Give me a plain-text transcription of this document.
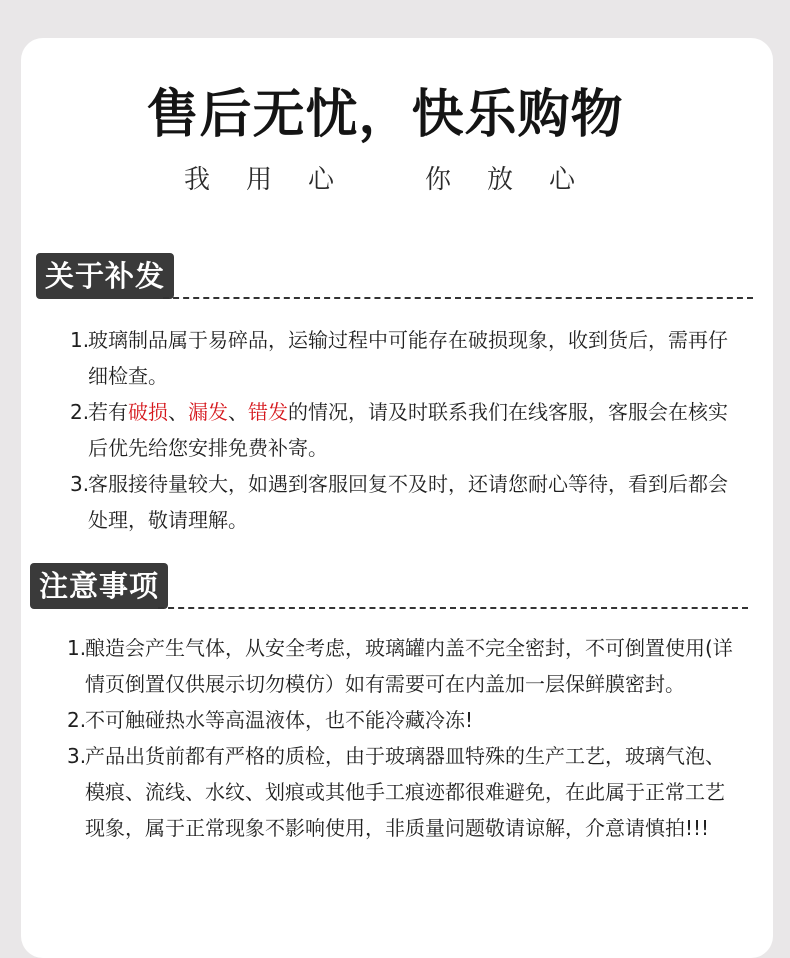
售后无忧，快乐购物

我用心 你放心

关于补发
1.
玻璃制品属于易碎品，运输过程中可能存在破损现象，收到货后，需再仔细检查。
2.
若有破损、漏发、错发的情况，请及时联系我们在线客服，客服会在核实后优先给您安排免费补寄。
3.
客服接待量较大，如遇到客服回复不及时，还请您耐心等待，看到后都会处理，敬请理解。
注意事项
1.
酿造会产生气体，从安全考虑，玻璃罐内盖不完全密封，不可倒置使用(详情页倒置仅供展示切勿模仿）如有需要可在内盖加一层保鲜膜密封。
2.
不可触碰热水等高温液体，也不能冷藏冷冻!
3.
产品出货前都有严格的质检，由于玻璃器皿特殊的生产工艺，玻璃气泡、模痕、流线、水纹、划痕或其他手工痕迹都很难避免，在此属于正常工艺现象，属于正常现象不影响使用，非质量问题敬请谅解，介意请慎拍!!!
